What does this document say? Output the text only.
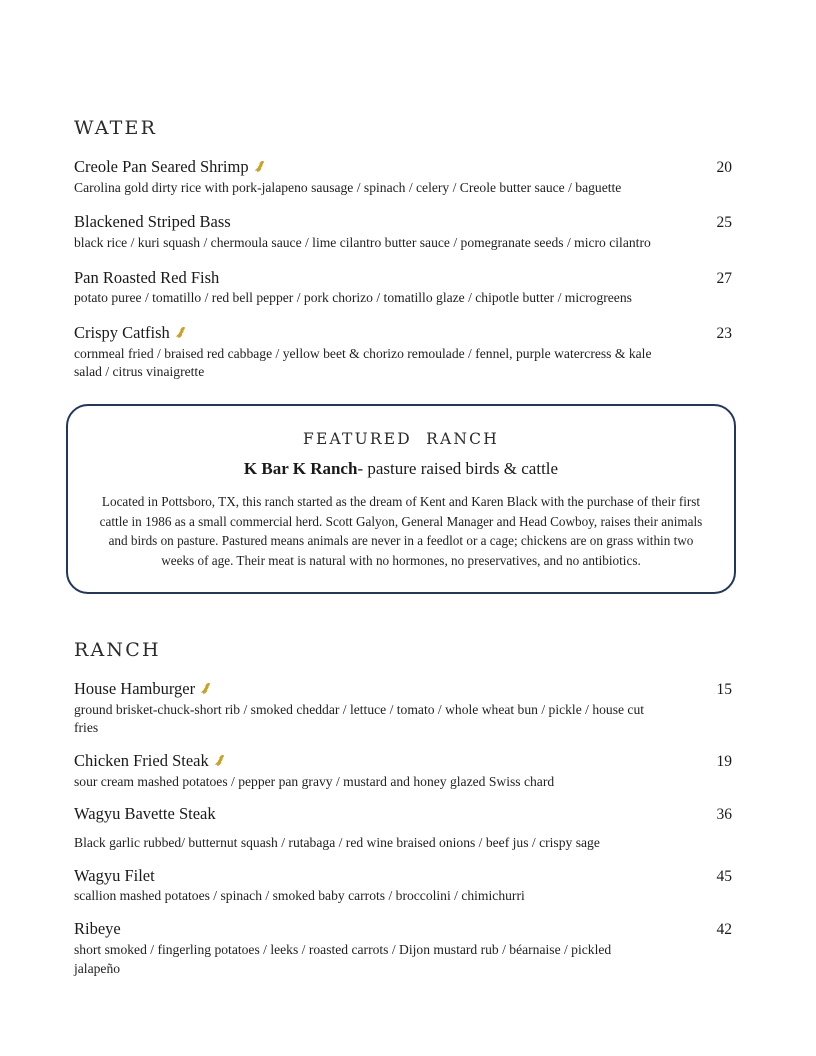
WATER
Creole Pan Seared Shrimp	20
Carolina gold dirty rice with pork-jalapeno sausage / spinach / celery / Creole butter sauce / baguette
Blackened Striped Bass	25
black rice / kuri squash / chermoula sauce / lime cilantro butter sauce / pomegranate seeds / micro cilantro
Pan Roasted Red Fish	27
potato puree / tomatillo / red bell pepper / pork chorizo / tomatillo glaze / chipotle butter / microgreens
Crispy Catfish	23
cornmeal fried / braised red cabbage / yellow beet & chorizo remoulade / fennel, purple watercress & kale salad / citrus vinaigrette
FEATURED  RANCH
K Bar K Ranch- pasture raised birds & cattle
Located in Pottsboro, TX, this ranch started as the dream of Kent and Karen Black with the purchase of their first cattle in 1986 as a small commercial herd. Scott Galyon, General Manager and Head Cowboy, raises their animals and birds on pasture. Pastured means animals are never in a feedlot or a cage; chickens are on grass within two weeks of age. Their meat is natural with no hormones, no preservatives, and no antibiotics.
RANCH
House Hamburger	15
ground brisket-chuck-short rib / smoked cheddar / lettuce / tomato / whole wheat bun / pickle / house cut fries
Chicken Fried Steak	19
sour cream mashed potatoes / pepper pan gravy / mustard and honey glazed Swiss chard
Wagyu Bavette Steak	36
Black garlic rubbed/ butternut squash / rutabaga / red wine braised onions / beef jus / crispy sage
Wagyu Filet	45
scallion mashed potatoes / spinach / smoked baby carrots / broccolini / chimichurri
Ribeye	42
short smoked / fingerling potatoes / leeks / roasted carrots / Dijon mustard rub / béarnaise / pickled jalapeño
